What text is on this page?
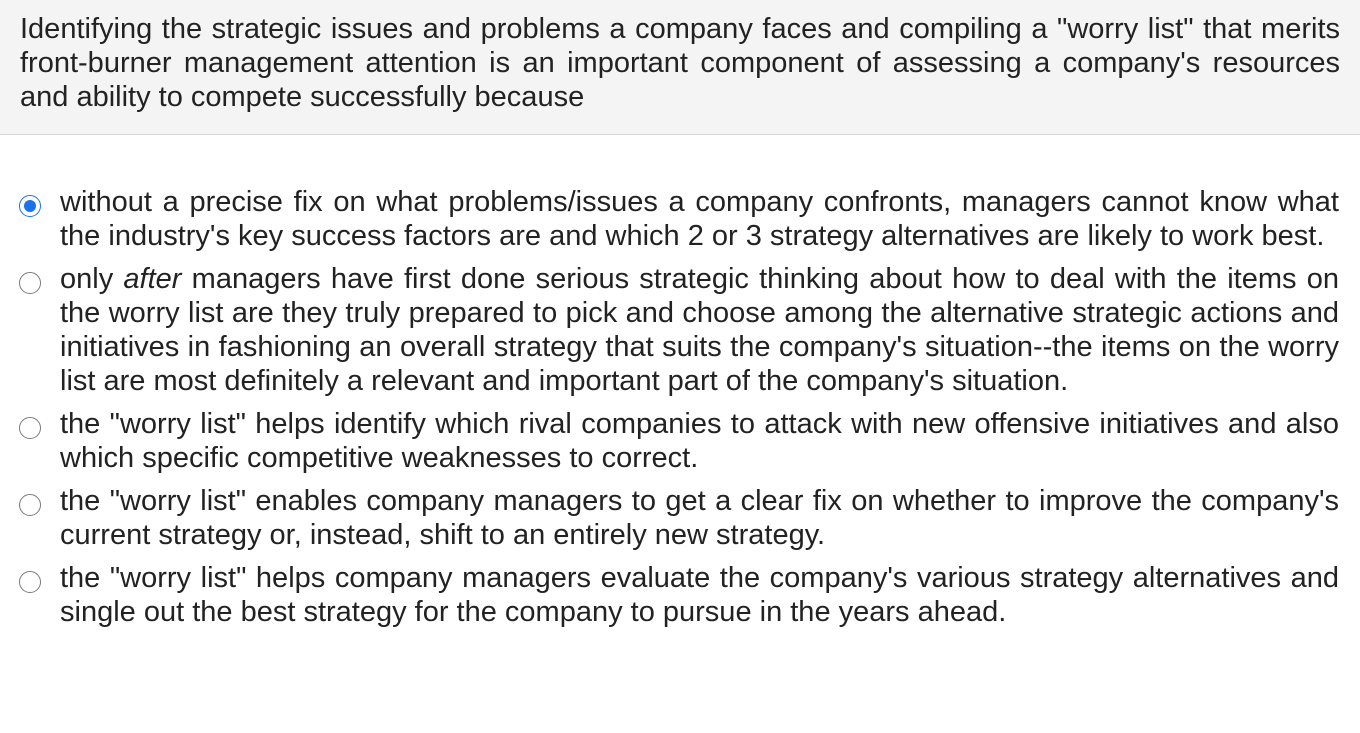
Identifying the strategic issues and problems a company faces and compiling a "worry list" that merits front-burner management attention is an important component of assessing a company's resources and ability to compete successfully because

without a precise fix on what problems/issues a company confronts, managers cannot know what the industry's key success factors are and which 2 or 3 strategy alternatives are likely to work best.
only after managers have first done serious strategic thinking about how to deal with the items on the worry list are they truly prepared to pick and choose among the alternative strategic actions and initiatives in fashioning an overall strategy that suits the company's situation--the items on the worry list are most definitely a relevant and important part of the company's situation.
the "worry list" helps identify which rival companies to attack with new offensive initiatives and also which specific competitive weaknesses to correct.
the "worry list" enables company managers to get a clear fix on whether to improve the company's current strategy or, instead, shift to an entirely new strategy.
the "worry list" helps company managers evaluate the company's various strategy alternatives and single out the best strategy for the company to pursue in the years ahead.
